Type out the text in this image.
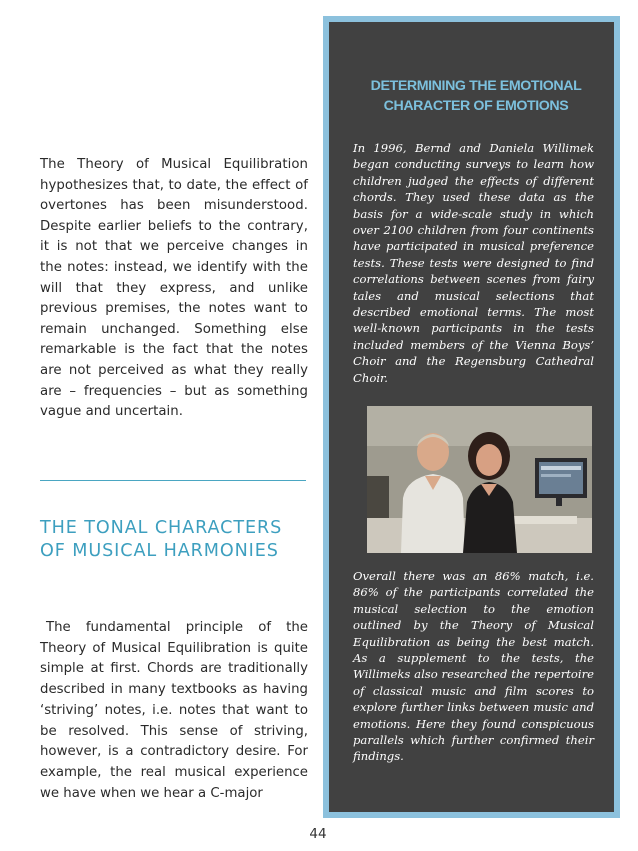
The Theory of Musical Equilibration hypothesizes that, to date, the effect of overtones has been misunderstood. Despite earlier beliefs to the contrary, it is not that we perceive changes in the notes: instead, we identify with the will that they express, and unlike previous premises, the notes want to remain unchanged. Something else remarkable is the fact that the notes are not perceived as what they really are – frequencies – but as something vague and uncertain.

THE TONAL CHARACTERS
OF MUSICAL HARMONIES

The fundamental principle of the Theory of Musical Equilibration is quite simple at first. Chords are traditionally described in many textbooks as having ‘striving’ notes, i.e. notes that want to be resolved. This sense of striving, however, is a contradictory desire. For example, the real musical experience we have when we hear a C-major

DETERMINING THE EMOTIONAL
CHARACTER OF EMOTIONS

In 1996, Bernd and Daniela Willimek began conducting surveys to learn how children judged the effects of different chords. They used these data as the basis for a wide-scale study in which over 2100 children from four continents have participated in musical preference tests. These tests were designed to find correlations between scenes from fairy tales and musical selections that described emotional terms. The most well-known participants in the tests included members of the Vienna Boys’ Choir and the Regensburg Cathedral Choir.

Overall there was an 86% match, i.e. 86% of the participants correlated the musical selection to the emotion outlined by the Theory of Musical Equilibration as being the best match. As a supplement to the tests, the Willimeks also researched the repertoire of classical music and film scores to explore further links between music and emotions. Here they found conspicuous parallels which further confirmed their findings.

44
